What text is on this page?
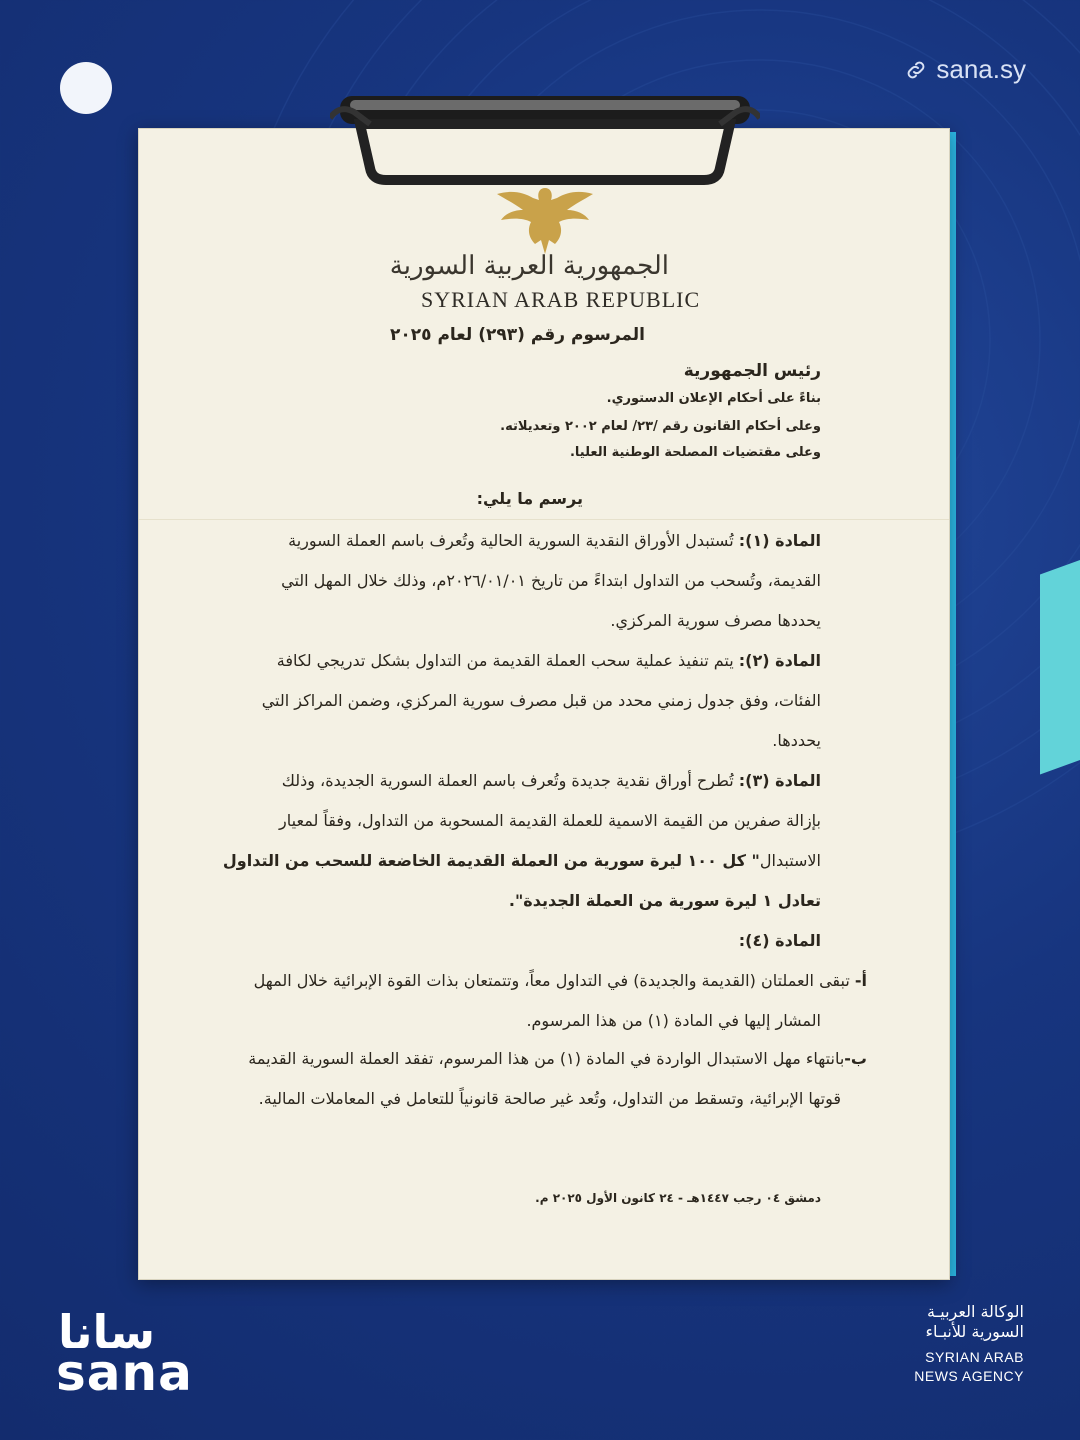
sana.sy
الجمهورية العربية السورية
SYRIAN ARAB REPUBLIC
المرسوم رقم (٢٩٣) لعام ٢٠٢٥
رئيس الجمهورية
بناءً على أحكام الإعلان الدستوري.
وعلى أحكام القانون رقم /٢٣/ لعام ٢٠٠٢ وتعديلاته.
وعلى مقتضيات المصلحة الوطنية العليا.
يرسم ما يلي:
المادة (١): تُستبدل الأوراق النقدية السورية الحالية وتُعرف باسم العملة السورية
القديمة، وتُسحب من التداول ابتداءً من تاريخ ٢٠٢٦/٠١/٠١م، وذلك خلال المهل التي
يحددها مصرف سورية المركزي.
المادة (٢): يتم تنفيذ عملية سحب العملة القديمة من التداول بشكل تدريجي لكافة
الفئات، وفق جدول زمني محدد من قبل مصرف سورية المركزي، وضمن المراكز التي
يحددها.
المادة (٣): تُطرح أوراق نقدية جديدة وتُعرف باسم العملة السورية الجديدة، وذلك
بإزالة صفرين من القيمة الاسمية للعملة القديمة المسحوبة من التداول، وفقاً لمعيار
الاستبدال" كل ١٠٠ ليرة سورية من العملة القديمة الخاضعة للسحب من التداول
تعادل ١ ليرة سورية من العملة الجديدة".
المادة (٤):
أ- تبقى العملتان (القديمة والجديدة) في التداول معاً، وتتمتعان بذات القوة الإبرائية خلال المهل
المشار إليها في المادة (١) من هذا المرسوم.
ب-بانتهاء مهل الاستبدال الواردة في المادة (١) من هذا المرسوم، تفقد العملة السورية القديمة
قوتها الإبرائية، وتسقط من التداول، وتُعد غير صالحة قانونياً للتعامل في المعاملات المالية.
دمشق ٠٤ رجب ١٤٤٧هـ - ٢٤ كانون الأول ٢٠٢٥ م.
سانا
sana
الوكالة العربيـة
السورية للأنبـاء
SYRIAN ARAB
NEWS AGENCY
